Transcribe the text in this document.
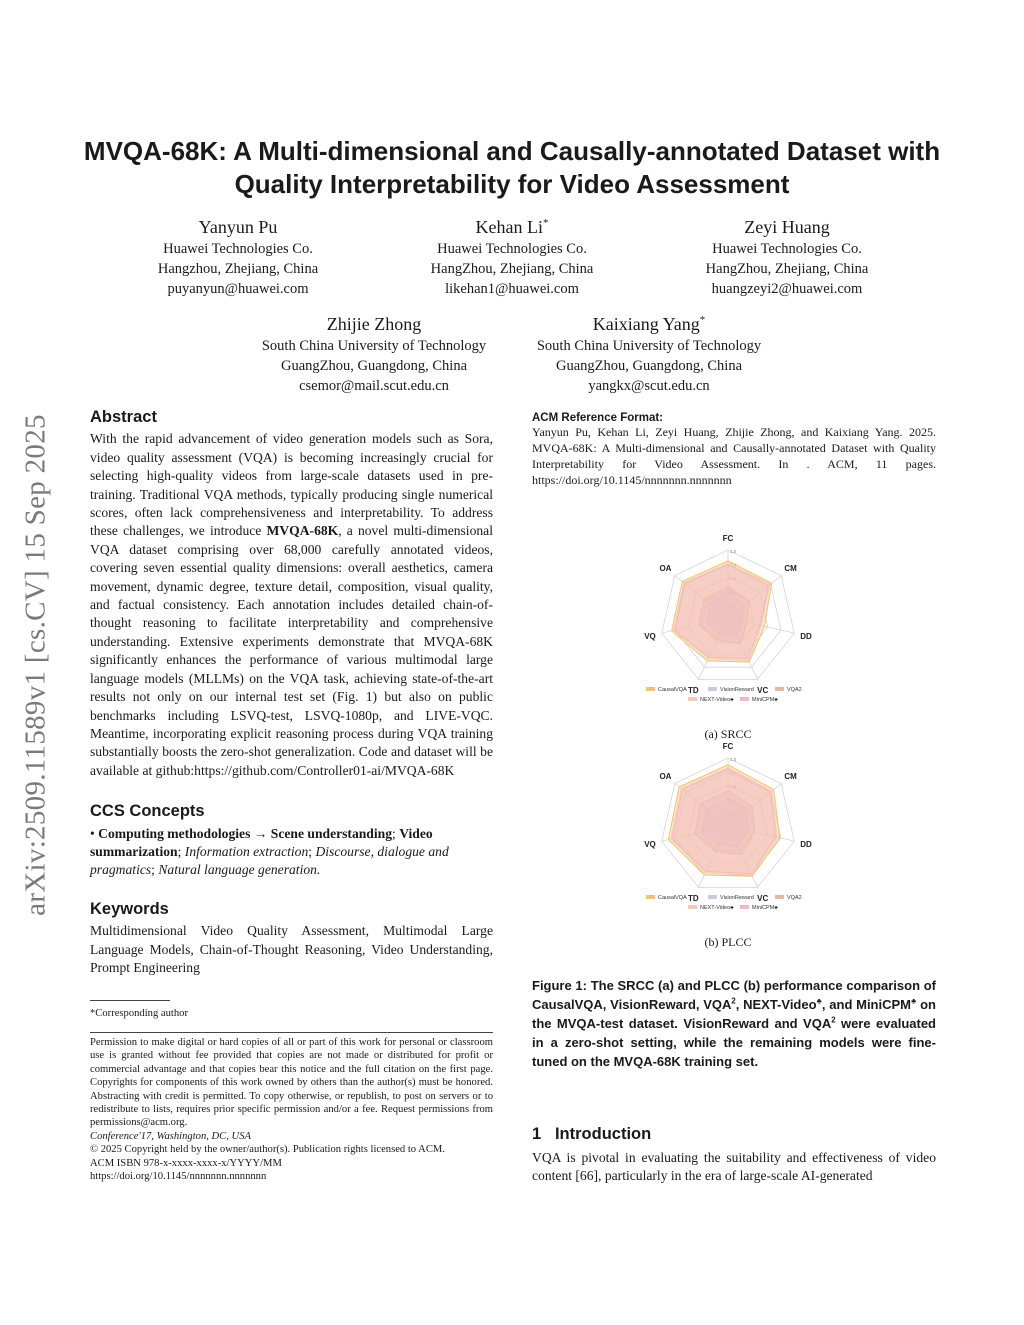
MVQA-68K: A Multi-dimensional and Causally-annotated Dataset with Quality Interpretability for Video Assessment
arXiv:2509.11589v1 [cs.CV] 15 Sep 2025
Yanyun Pu
Huawei Technologies Co.
Hangzhou, Zhejiang, China
puyanyun@huawei.com
Kehan Li*
Huawei Technologies Co.
HangZhou, Zhejiang, China
likehan1@huawei.com
Zeyi Huang
Huawei Technologies Co.
HangZhou, Zhejiang, China
huangzeyi2@huawei.com
Zhijie Zhong
South China University of Technology
GuangZhou, Guangdong, China
csemor@mail.scut.edu.cn
Kaixiang Yang*
South China University of Technology
GuangZhou, Guangdong, China
yangkx@scut.edu.cn
Abstract
With the rapid advancement of video generation models such as Sora, video quality assessment (VQA) is becoming increasingly crucial for selecting high-quality videos from large-scale datasets used in pre-training. Traditional VQA methods, typically producing single numerical scores, often lack comprehensiveness and interpretability. To address these challenges, we introduce MVQA-68K, a novel multi-dimensional VQA dataset comprising over 68,000 carefully annotated videos, covering seven essential quality dimensions: overall aesthetics, camera movement, dynamic degree, texture detail, composition, visual quality, and factual consistency. Each annotation includes detailed chain-of-thought reasoning to facilitate interpretability and comprehensive understanding. Extensive experiments demonstrate that MVQA-68K significantly enhances the performance of various multimodal large language models (MLLMs) on the VQA task, achieving state-of-the-art results not only on our internal test set (Fig. 1) but also on public benchmarks including LSVQ-test, LSVQ-1080p, and LIVE-VQC. Meantime, incorporating explicit reasoning process during VQA training substantially boosts the zero-shot generalization. Code and dataset will be available at github:https://github.com/Controller01-ai/MVQA-68K
CCS Concepts
• Computing methodologies → Scene understanding; Video summarization; Information extraction; Discourse, dialogue and pragmatics; Natural language generation.
Keywords
Multidimensional Video Quality Assessment, Multimodal Large Language Models, Chain-of-Thought Reasoning, Video Understanding, Prompt Engineering
*Corresponding author
Permission to make digital or hard copies of all or part of this work for personal or classroom use is granted without fee provided that copies are not made or distributed for profit or commercial advantage and that copies bear this notice and the full citation on the first page. Copyrights for components of this work owned by others than the author(s) must be honored. Abstracting with credit is permitted. To copy otherwise, or republish, to post on servers or to redistribute to lists, requires prior specific permission and/or a fee. Request permissions from permissions@acm.org.
Conference'17, Washington, DC, USA
© 2025 Copyright held by the owner/author(s). Publication rights licensed to ACM.
ACM ISBN 978-x-xxxx-xxxx-x/YYYY/MM
https://doi.org/10.1145/nnnnnnn.nnnnnnn
ACM Reference Format:
Yanyun Pu, Kehan Li, Zeyi Huang, Zhijie Zhong, and Kaixiang Yang. 2025. MVQA-68K: A Multi-dimensional and Causally-annotated Dataset with Quality Interpretability for Video Assessment. In . ACM, 11 pages. https://doi.org/10.1145/nnnnnnn.nnnnnnn
FC
CM
DD
VC
TD
VQ
OA
0.2
0.4
0.6
0.8
1.0
CausalVQA	VisionReward	VQA2
NEXT-Video♣	MiniCPM♣
(a) SRCC
FC
CM
DD
VC
TD
VQ
OA
0.2
0.4
0.6
0.8
1.0
CausalVQA	VisionReward	VQA2
NEXT-Video♣	MiniCPM♣
(b) PLCC
Figure 1: The SRCC (a) and PLCC (b) performance comparison of CausalVQA, VisionReward, VQA$^2$, NEXT-Video♣, and MiniCPM♣ on the MVQA-test dataset. VisionReward and VQA$^2$ were evaluated in a zero-shot setting, while the remaining models were fine-tuned on the MVQA-68K training set.
1 Introduction
VQA is pivotal in evaluating the suitability and effectiveness of video content [66], particularly in the era of large-scale AI-generated
